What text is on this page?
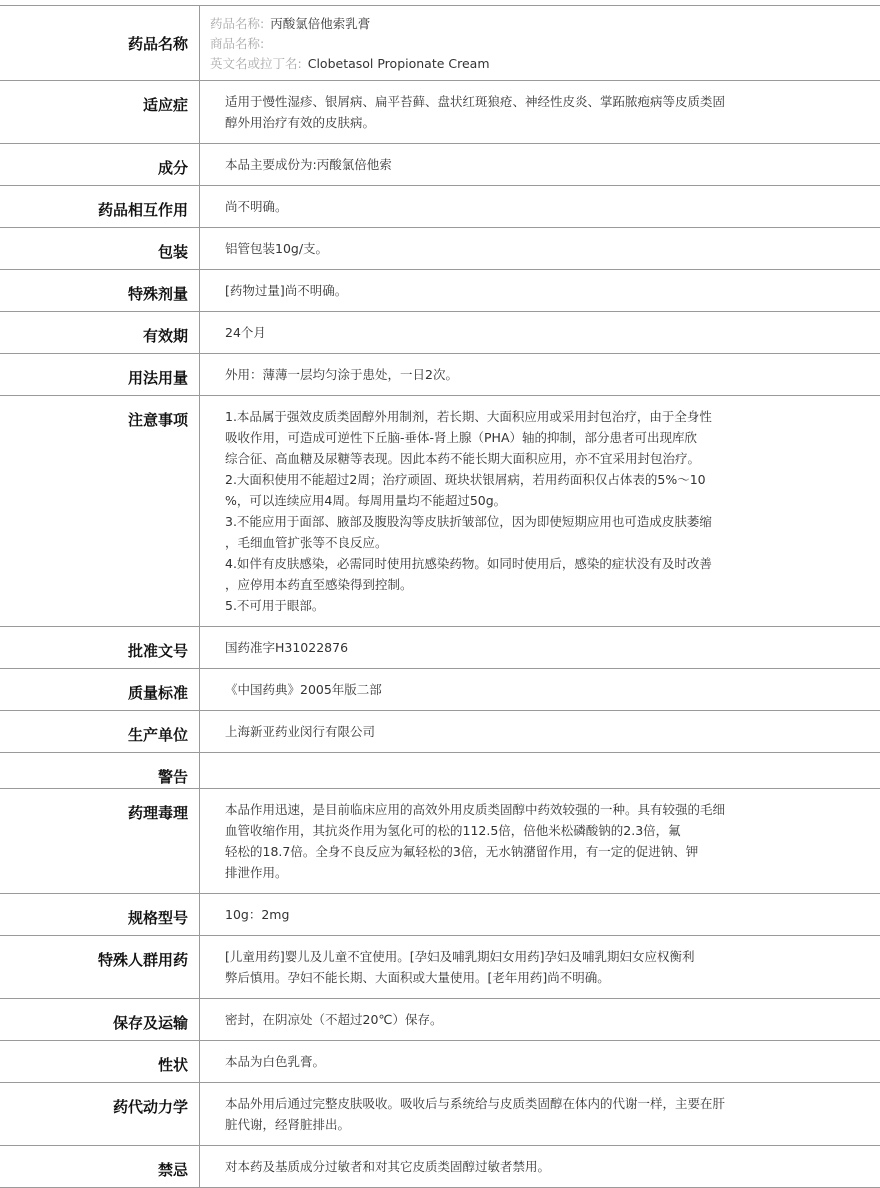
药品名称
药品名称: 丙酸氯倍他索乳膏
商品名称:
英文名或拉丁名: Clobetasol Propionate Cream
适应症	适用于慢性湿疹、银屑病、扁平苔藓、盘状红斑狼疮、神经性皮炎、掌跖脓疱病等皮质类固
醇外用治疗有效的皮肤病。
成分	本品主要成份为:丙酸氯倍他索
药品相互作用	尚不明确。
包装	铝管包装10g/支。
特殊剂量	[药物过量]尚不明确。
有效期	24个月
用法用量	外用：薄薄一层均匀涂于患处，一日2次。
注意事项	1.本品属于强效皮质类固醇外用制剂，若长期、大面积应用或采用封包治疗，由于全身性
吸收作用，可造成可逆性下丘脑-垂体-肾上腺（PHA）轴的抑制，部分患者可出现库欣
综合征、高血糖及尿糖等表现。因此本药不能长期大面积应用，亦不宜采用封包治疗。
2.大面积使用不能超过2周；治疗顽固、斑块状银屑病，若用药面积仅占体表的5%～10
%，可以连续应用4周。每周用量均不能超过50g。
3.不能应用于面部、腋部及腹股沟等皮肤折皱部位，因为即使短期应用也可造成皮肤萎缩
，毛细血管扩张等不良反应。
4.如伴有皮肤感染，必需同时使用抗感染药物。如同时使用后，感染的症状没有及时改善
，应停用本药直至感染得到控制。
5.不可用于眼部。
批准文号	国药准字H31022876
质量标准	《中国药典》2005年版二部
生产单位	上海新亚药业闵行有限公司
警告
药理毒理	本品作用迅速，是目前临床应用的高效外用皮质类固醇中药效较强的一种。具有较强的毛细
血管收缩作用，其抗炎作用为氢化可的松的112.5倍，倍他米松磷酸钠的2.3倍，氟
轻松的18.7倍。全身不良反应为氟轻松的3倍，无水钠潴留作用，有一定的促进钠、钾
排泄作用。
规格型号	10g：2mg
特殊人群用药	[儿童用药]婴儿及儿童不宜使用。[孕妇及哺乳期妇女用药]孕妇及哺乳期妇女应权衡利
弊后慎用。孕妇不能长期、大面积或大量使用。[老年用药]尚不明确。
保存及运输	密封，在阴凉处（不超过20℃）保存。
性状	本品为白色乳膏。
药代动力学	本品外用后通过完整皮肤吸收。吸收后与系统给与皮质类固醇在体内的代谢一样，主要在肝
脏代谢，经肾脏排出。
禁忌	对本药及基质成分过敏者和对其它皮质类固醇过敏者禁用。
